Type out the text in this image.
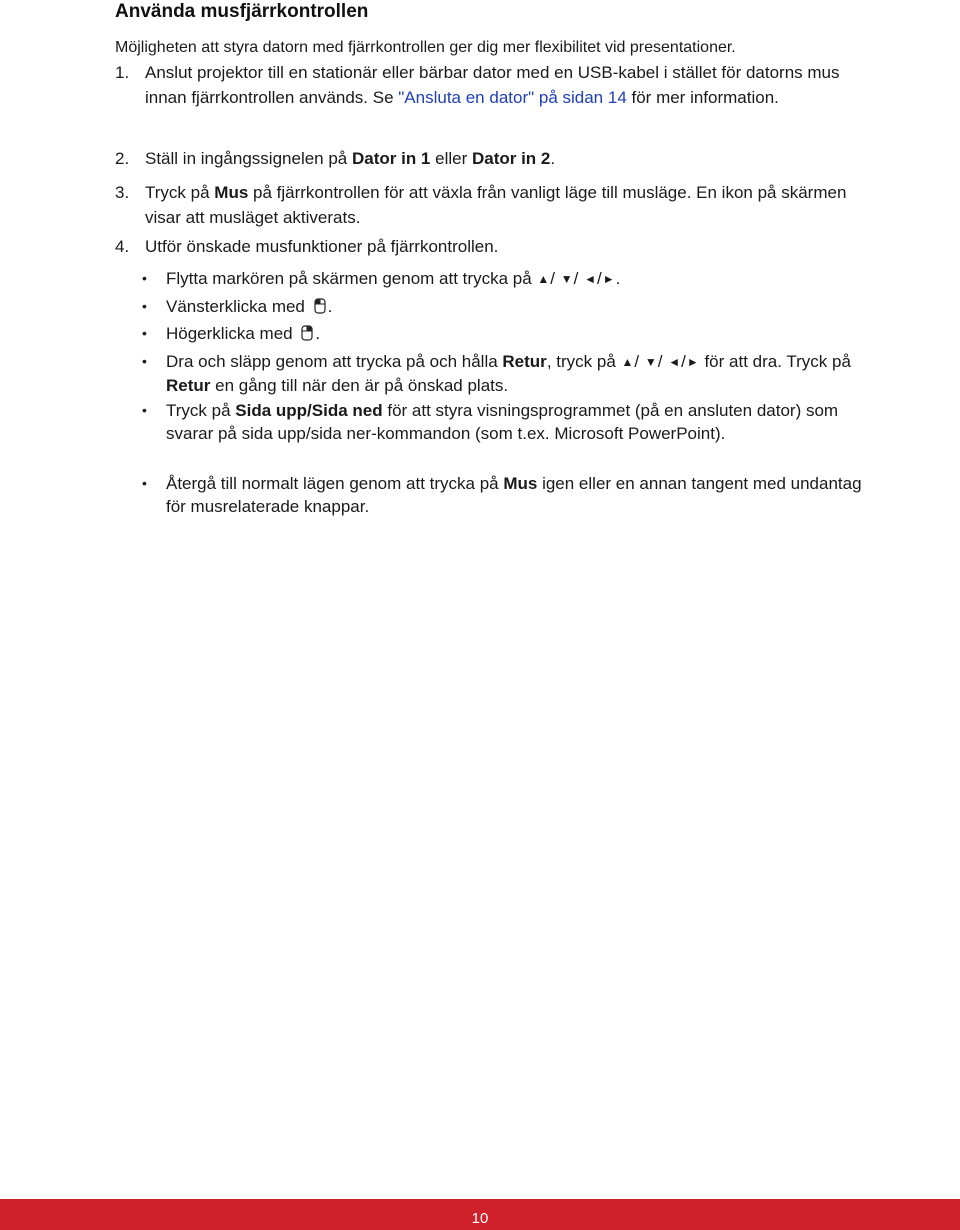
Använda musfjärrkontrollen
Möjligheten att styra datorn med fjärrkontrollen ger dig mer flexibilitet vid presentationer.
1. Anslut projektor till en stationär eller bärbar dator med en USB-kabel i stället för datorns mus innan fjärrkontrollen används. Se "Ansluta en dator" på sidan 14 för mer information.
2. Ställ in ingångssignelen på Dator in 1 eller Dator in 2.
3. Tryck på Mus på fjärrkontrollen för att växla från vanligt läge till musläge. En ikon på skärmen visar att musläget aktiverats.
4. Utför önskade musfunktioner på fjärrkontrollen.
•	Flytta markören på skärmen genom att trycka på ▲/ ▼/ ◄/►.
•	Vänsterklicka med .
•	Högerklicka med .
•	Dra och släpp genom att trycka på och hålla Retur, tryck på ▲/ ▼/ ◄/► för att dra. Tryck på Retur en gång till när den är på önskad plats.
•	Tryck på Sida upp/Sida ned för att styra visningsprogrammet (på en ansluten dator) som svarar på sida upp/sida ner-kommandon (som t.ex. Microsoft PowerPoint).
•	Återgå till normalt lägen genom att trycka på Mus igen eller en annan tangent med undantag för musrelaterade knappar.
10
